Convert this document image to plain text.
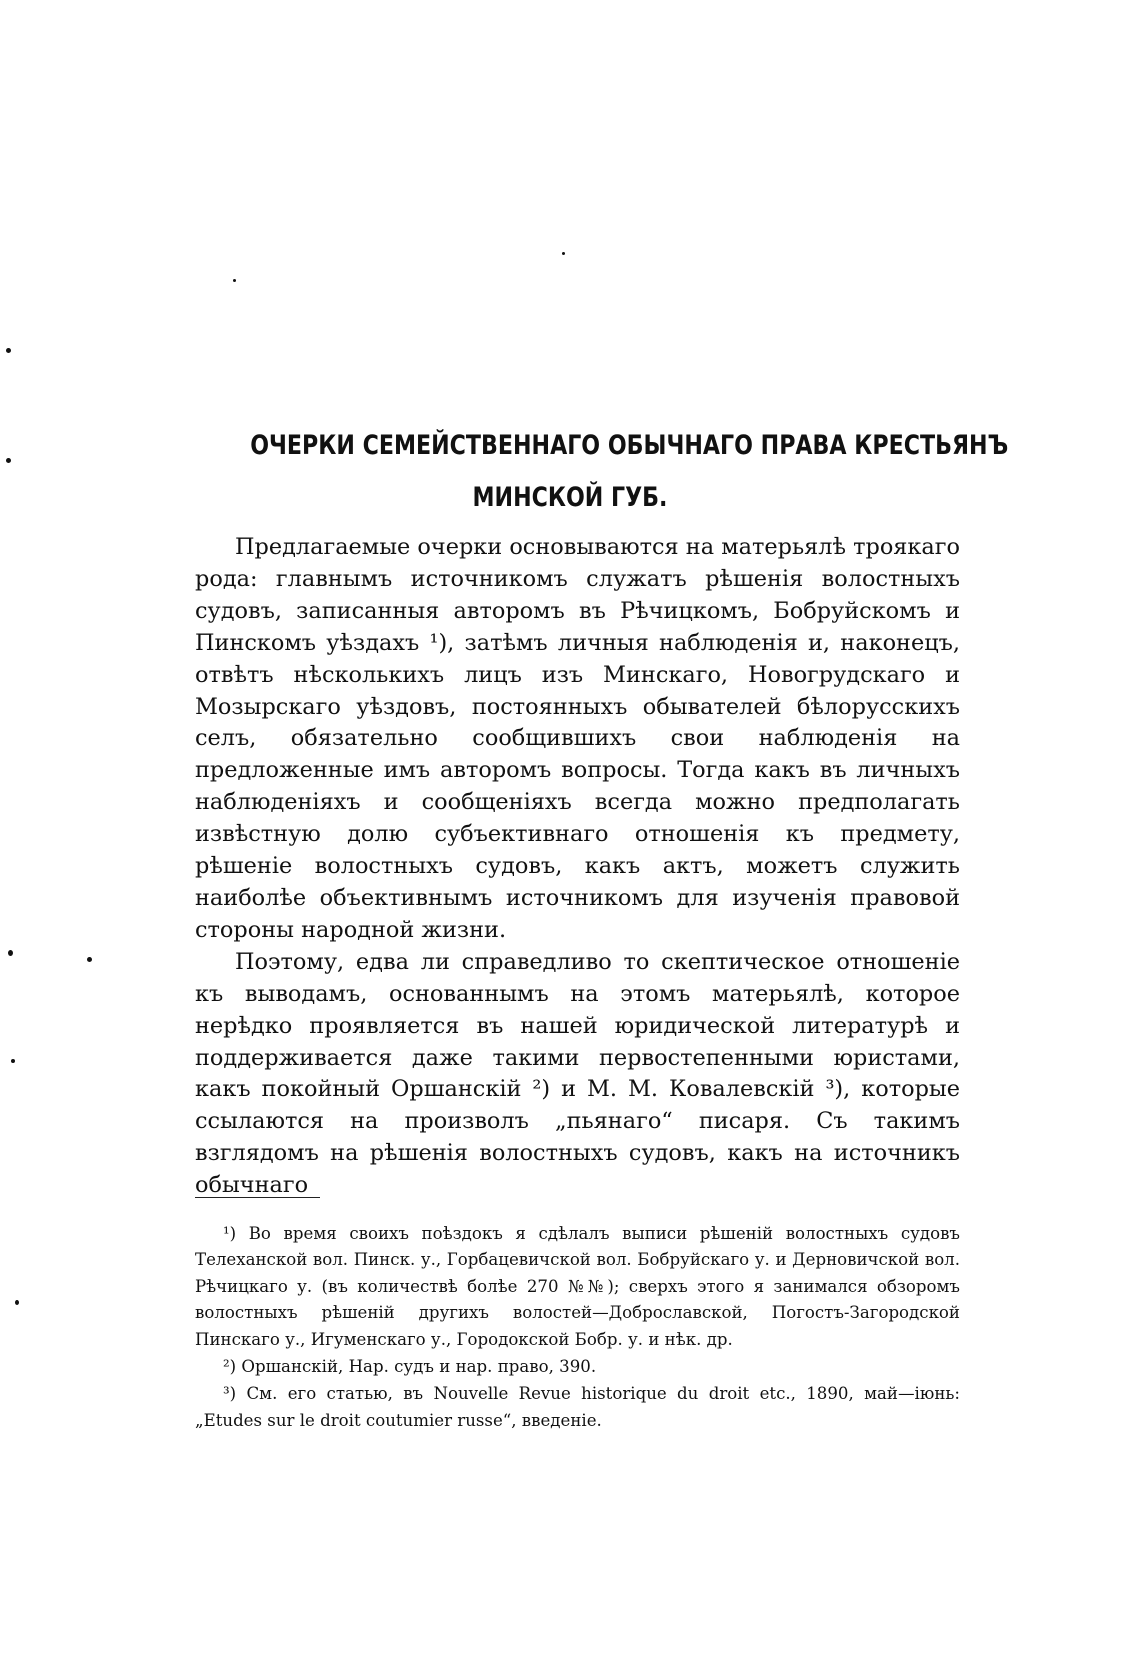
ОЧЕРКИ СЕМЕЙСТВЕННАГО ОБЫЧНАГО ПРАВА КРЕСТЬЯНЪ
МИНСКОЙ ГУБ.

Предлагаемые очерки основываются на матерьялѣ троякаго рода: главнымъ источникомъ служатъ рѣшенія волостныхъ судовъ, записанныя авторомъ въ Рѣчицкомъ, Бобруйскомъ и Пинскомъ уѣздахъ ¹), затѣмъ личныя наблюденія и, наконецъ, отвѣтъ нѣсколькихъ лицъ изъ Минскаго, Новогрудскаго и Мозырскаго уѣздовъ, постоянныхъ обывателей бѣлорусскихъ селъ, обязательно сообщившихъ свои наблюденія на предложенные имъ авторомъ вопросы. Тогда какъ въ личныхъ наблюденіяхъ и сообщеніяхъ всегда можно предполагать извѣстную долю субъективнаго отношенія къ предмету, рѣшеніе волостныхъ судовъ, какъ актъ, можетъ служить наиболѣе объективнымъ источникомъ для изученія правовой стороны народной жизни.

Поэтому, едва ли справедливо то скептическое отношеніе къ выводамъ, основаннымъ на этомъ матерьялѣ, которое нерѣдко проявляется въ нашей юридической литературѣ и поддерживается даже такими первостепенными юристами, какъ покойный Оршанскій ²) и М. М. Ковалевскій ³), которые ссылаются на произволъ „пьянаго“ писаря. Съ такимъ взглядомъ на рѣшенія волостныхъ судовъ, какъ на источникъ обычнаго

¹) Во время своихъ поѣздокъ я сдѣлалъ выписи рѣшеній волостныхъ судовъ Телеханской вол. Пинск. у., Горбацевичской вол. Бобруйскаго у. и Дерновичской вол. Рѣчицкаго у. (въ количествѣ болѣе 270 №№); сверхъ этого я занимался обзоромъ волостныхъ рѣшеній другихъ волостей—Доброславской, Погостъ-Загородской Пинскаго у., Игуменскаго у., Городокской Бобр. у. и нѣк. др.

²) Оршанскій, Нар. судъ и нар. право, 390.

³) См. его статью, въ Nouvelle Revue historique du droit etc., 1890, май—іюнь: „Etudes sur le droit coutumier russe“, введеніе.
